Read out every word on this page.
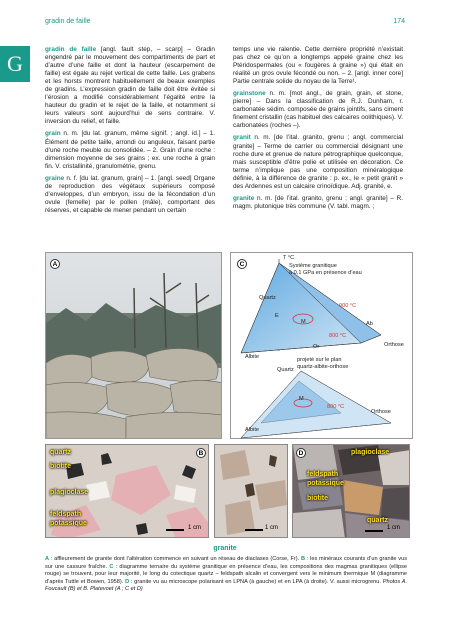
gradin de faille	174
G

gradin de faille [angl. fault step, – scarp] – Gradin engendré par le mouvement des compartiments de part et d’autre d’une faille et dont la hauteur (escarpement de faille) est égale au rejet vertical de cette faille. Les grabens et les horsts montrent habituellement de beaux exemples de gradins. L’expression gradin de faille doit être évitée si l’érosion a modifié considérablement l’égalité entre la hauteur du gradin et le rejet de la faille, et notamment si leurs valeurs sont aujourd’hui de sens contraire. V. inversion du relief, et faille.

grain n. m. [du lat. granum, même signif. ; angl. id.] – 1. Élément de petite taille, arrondi ou anguleux, faisant partie d’une roche meuble ou consolidée. – 2. Grain d’une roche : dimension moyenne de ses grains ; ex. une roche à grain fin. V. cristallinité, granulométrie, grenu.

graine n. f. [du lat. granum, grain] – 1. [angl. seed] Organe de reproduction des végétaux supérieurs composé d’enveloppes, d’un embryon, issu de la fécondation d’un ovule (femelle) par le pollen (mâle), comportant des réserves, et capable de mener pendant un certain

temps une vie ralentie. Cette dernière propriété n’existait pas chez ce qu’on a longtemps appelé graine chez les Ptéridospermales (ou « fougères à graine ») qui était en réalité un gros ovule fécondé ou non. – 2. [angl. inner core] Partie centrale solide du noyau de la Terre¹.

grainstone n. m. [mot angl., de grain, grain, et stone, pierre] – Dans la classification de R.J. Dunham, r. carbonatée sédim. composée de grains jointifs, sans ciment finement cristallin (cas habituel des calcaires oolithiques). V. carbonatées (roches –).

granit n. m. [de l’ital. granito, grenu ; angl. commercial granite] – Terme de carrier ou commercial désignant une roche dure et grenue de nature pétrographique quelconque, mais susceptible d’être polie et utilisée en décoration. Ce terme n’implique pas une composition minéralogique définie, à la différence de granite : p. ex., le « petit granit » des Ardennes est un calcaire crinoïdique. Adj. granité, e.

granite n. m. [de l’ital. granito, grenu ; angl. granite] – R. magm. plutonique très commune (V. tabl. magm. ;

A	C
T °C
Système granitique
à 0,1 GPa en présence d’eau
Quartz
900 °C
E
M	Ab
800 °C
Or	Orthose
Albite	projeté sur le plan
quartz-albite-orthose
Quartz
M
800 °C
Orthose
Albite
B
quartz
biotite
plagioclase
feldspath
potassique
1 cm	1 cm
D	plagioclase
feldspath
potassique
biotite
quartz
1 cm
granite

A : affleurement de granite dont l’altération commence en suivant un réseau de diaclases (Corse, Fr). B : les minéraux courants d’un granite vus sur une cassure fraîche. C : diagramme ternaire du système granitique en présence d’eau, les compositions des magmas granitiques (ellipse rouge) se trouvent, pour leur majorité, le long du cotectique quartz – feldspath alcalin et convergent vers le minimum thermique M (diagramme d’après Tuttle et Bowen, 1958). D : granite vu au microscope polarisant en LPNA (à gauche) et en LPA (à droite). V. aussi microgrenu. Photos A. Foucault (B) et B. Platevoet (A ; C et D)
